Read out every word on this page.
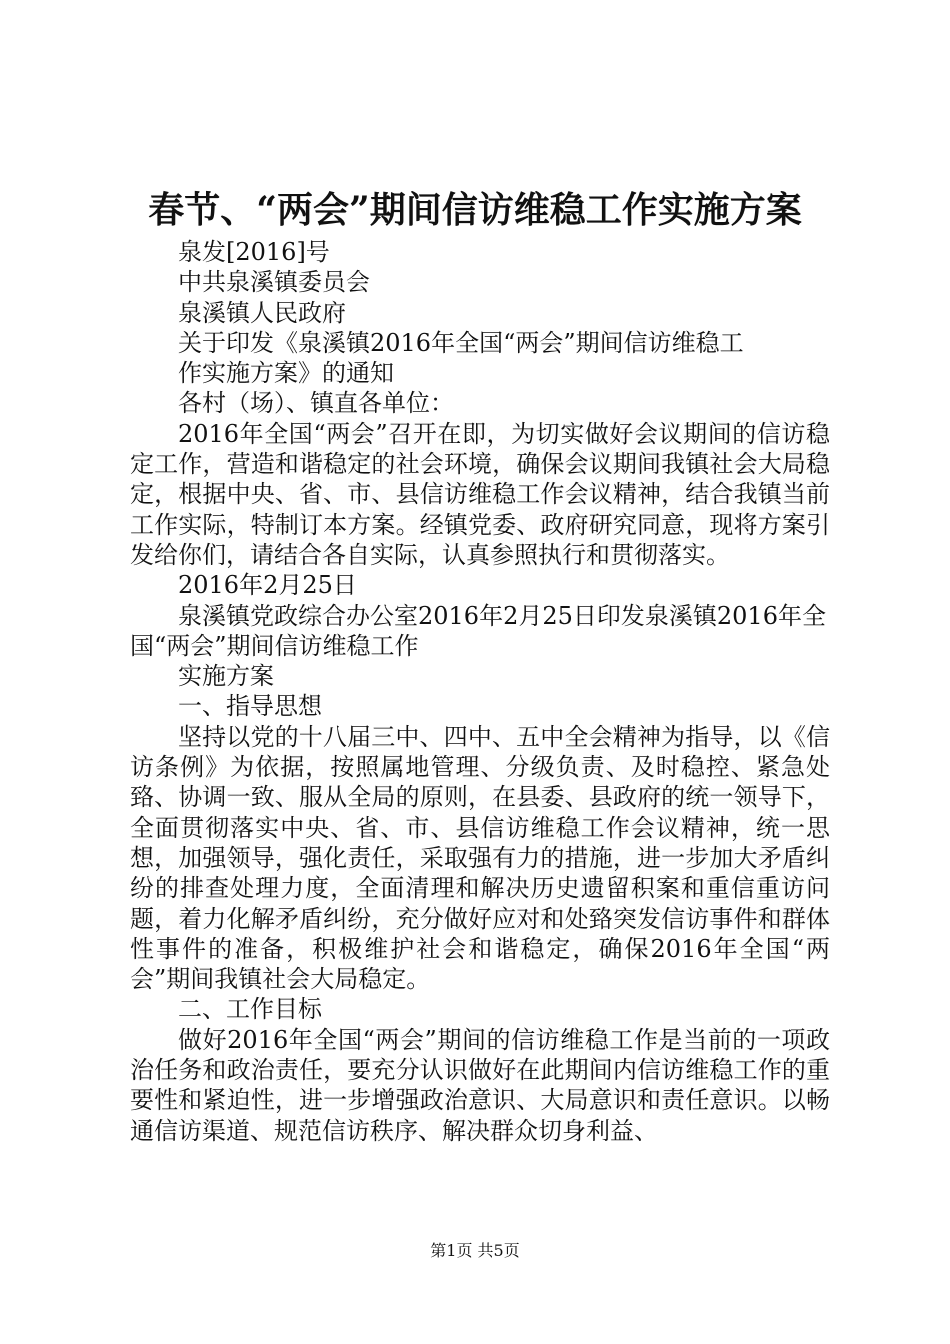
春节、“两会”期间信访维稳工作实施方案
泉发[2016]号
中共泉溪镇委员会
泉溪镇人民政府
关于印发《泉溪镇2016年全国“两会”期间信访维稳工
作实施方案》的通知
各村（场）、镇直各单位：
2016年全国“两会”召开在即，为切实做好会议期间的信访稳定工作，营造和谐稳定的社会环境，确保会议期间我镇社会大局稳定，根据中央、省、市、县信访维稳工作会议精神，结合我镇当前工作实际，特制订本方案。经镇党委、政府研究同意，现将方案引发给你们，请结合各自实际，认真参照执行和贯彻落实。
2016年2月25日
泉溪镇党政综合办公室2016年2月25日印发泉溪镇2016年全国“两会”期间信访维稳工作
实施方案
一、指导思想
坚持以党的十八届三中、四中、五中全会精神为指导，以《信访条例》为依据，按照属地管理、分级负责、及时稳控、紧急处臵、协调一致、服从全局的原则，在县委、县政府的统一领导下，全面贯彻落实中央、省、市、县信访维稳工作会议精神，统一思想，加强领导，强化责任，采取强有力的措施，进一步加大矛盾纠纷的排查处理力度，全面清理和解决历史遗留积案和重信重访问题，着力化解矛盾纠纷，充分做好应对和处臵突发信访事件和群体性事件的准备，积极维护社会和谐稳定，确保2016年全国“两会”期间我镇社会大局稳定。
二、工作目标
做好2016年全国“两会”期间的信访维稳工作是当前的一项政治任务和政治责任，要充分认识做好在此期间内信访维稳工作的重要性和紧迫性，进一步增强政治意识、大局意识和责任意识。以畅通信访渠道、规范信访秩序、解决群众切身利益、
第1页 共5页
